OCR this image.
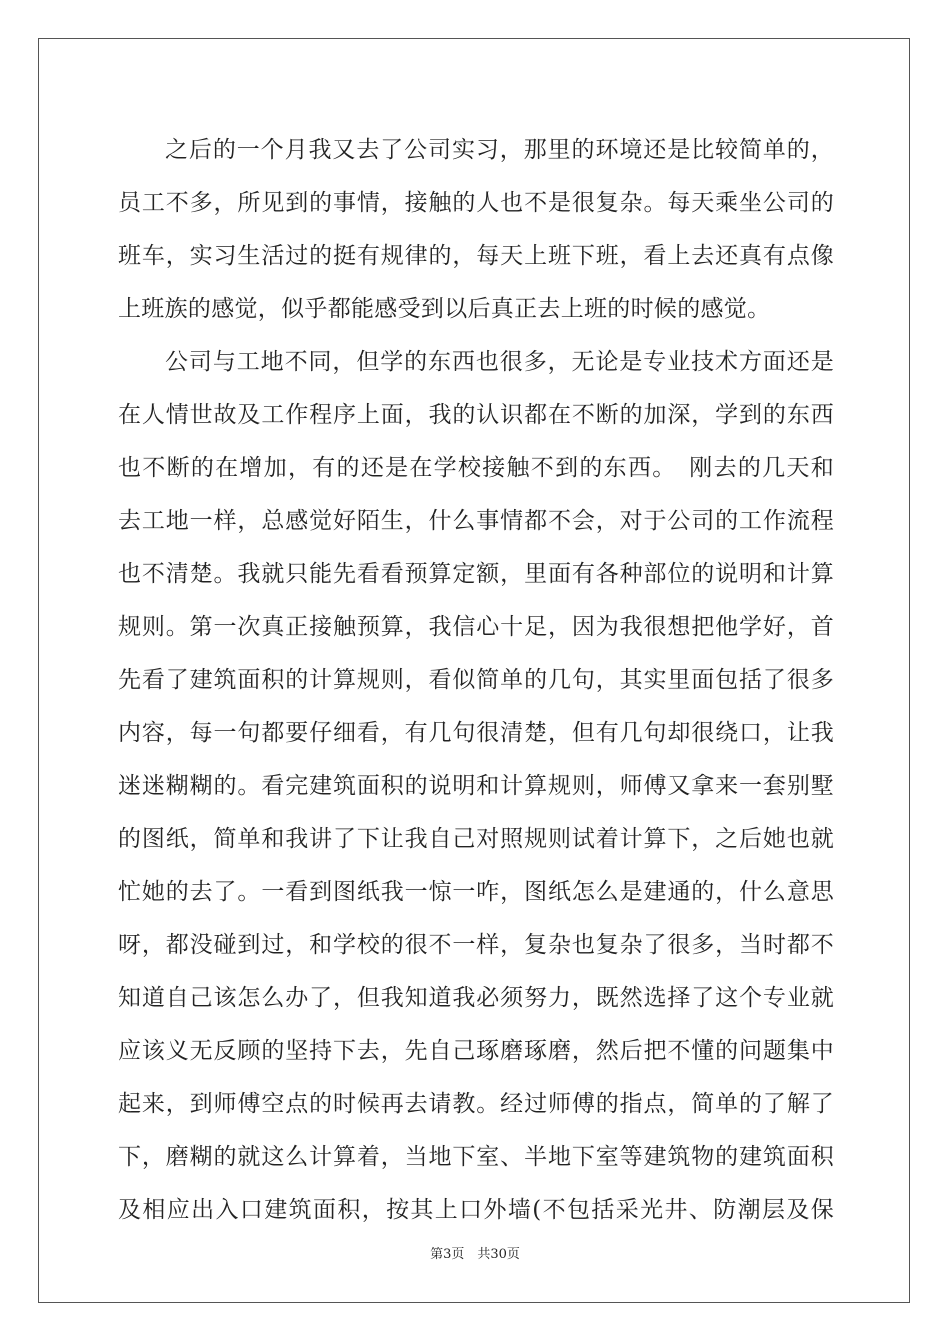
之后的一个月我又去了公司实习，那里的环境还是比较简单的，
员工不多，所见到的事情，接触的人也不是很复杂。每天乘坐公司的
班车，实习生活过的挺有规律的，每天上班下班，看上去还真有点像
上班族的感觉，似乎都能感受到以后真正去上班的时候的感觉。
公司与工地不同，但学的东西也很多，无论是专业技术方面还是
在人情世故及工作程序上面，我的认识都在不断的加深，学到的东西
也不断的在增加，有的还是在学校接触不到的东西。　刚去的几天和
去工地一样，总感觉好陌生，什么事情都不会，对于公司的工作流程
也不清楚。我就只能先看看预算定额，里面有各种部位的说明和计算
规则。第一次真正接触预算，我信心十足，因为我很想把他学好，首
先看了建筑面积的计算规则，看似简单的几句，其实里面包括了很多
内容，每一句都要仔细看，有几句很清楚，但有几句却很绕口，让我
迷迷糊糊的。看完建筑面积的说明和计算规则，师傅又拿来一套别墅
的图纸，简单和我讲了下让我自己对照规则试着计算下，之后她也就
忙她的去了。一看到图纸我一惊一咋，图纸怎么是建通的，什么意思
呀，都没碰到过，和学校的很不一样，复杂也复杂了很多，当时都不
知道自己该怎么办了，但我知道我必须努力，既然选择了这个专业就
应该义无反顾的坚持下去，先自己琢磨琢磨，然后把不懂的问题集中
起来，到师傅空点的时候再去请教。经过师傅的指点，简单的了解了
下，磨糊的就这么计算着，当地下室、半地下室等建筑物的建筑面积
及相应出入口建筑面积，按其上口外墙(不包括采光井、防潮层及保
第3页　共30页
